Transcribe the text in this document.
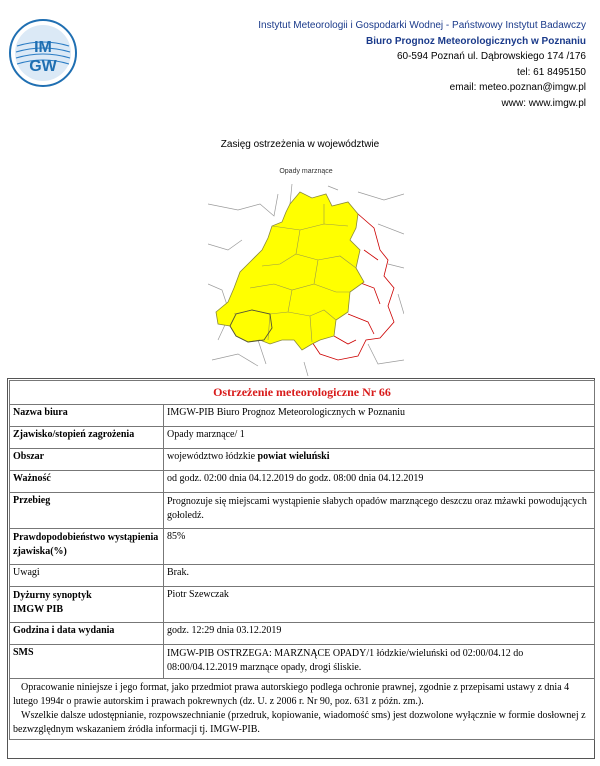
IM
GW
Instytut Meteorologii i Gospodarki Wodnej - Państwowy Instytut Badawczy
Biuro Prognoz Meteorologicznych w Poznaniu
60-594 Poznań ul. Dąbrowskiego 174 /176
tel: 61 8495150
email: meteo.poznan@imgw.pl
www: www.imgw.pl
Zasięg ostrzeżenia w województwie
Opady marznące
Ostrzeżenie meteorologiczne Nr 66	
Nazwa biura	IMGW-PIB Biuro Prognoz Meteorologicznych w Poznaniu
Zjawisko/stopień zagrożenia	Opady marznące/ 1
Obszar	województwo łódzkie powiat wieluński
Ważność	od godz. 02:00 dnia 04.12.2019 do godz. 08:00 dnia 04.12.2019
Przebieg	Prognozuje się miejscami wystąpienie słabych opadów marznącego deszczu oraz mżawki powodujących gołoledź.
Prawdopodobieństwo wystąpienia zjawiska(%)	85%
Uwagi	Brak.
Dyżurny synoptyk
IMGW PIB	Piotr Szewczak
Godzina i data wydania	godz. 12:29 dnia 03.12.2019
SMS	IMGW-PIB OSTRZEGA: MARZNĄCE OPADY/1 łódzkie/wieluński od 02:00/04.12 do 08:00/04.12.2019 marznące opady, drogi śliskie.

Opracowanie niniejsze i jego format, jako przedmiot prawa autorskiego podlega ochronie prawnej, zgodnie z przepisami ustawy z dnia 4 lutego 1994r o prawie autorskim i prawach pokrewnych (dz. U. z 2006 r. Nr 90, poz. 631 z późn. zm.).
Wszelkie dalsze udostępnianie, rozpowszechnianie (przedruk, kopiowanie, wiadomość sms) jest dozwolone wyłącznie w formie dosłownej z bezwzględnym wskazaniem źródła informacji tj. IMGW-PIB.	
